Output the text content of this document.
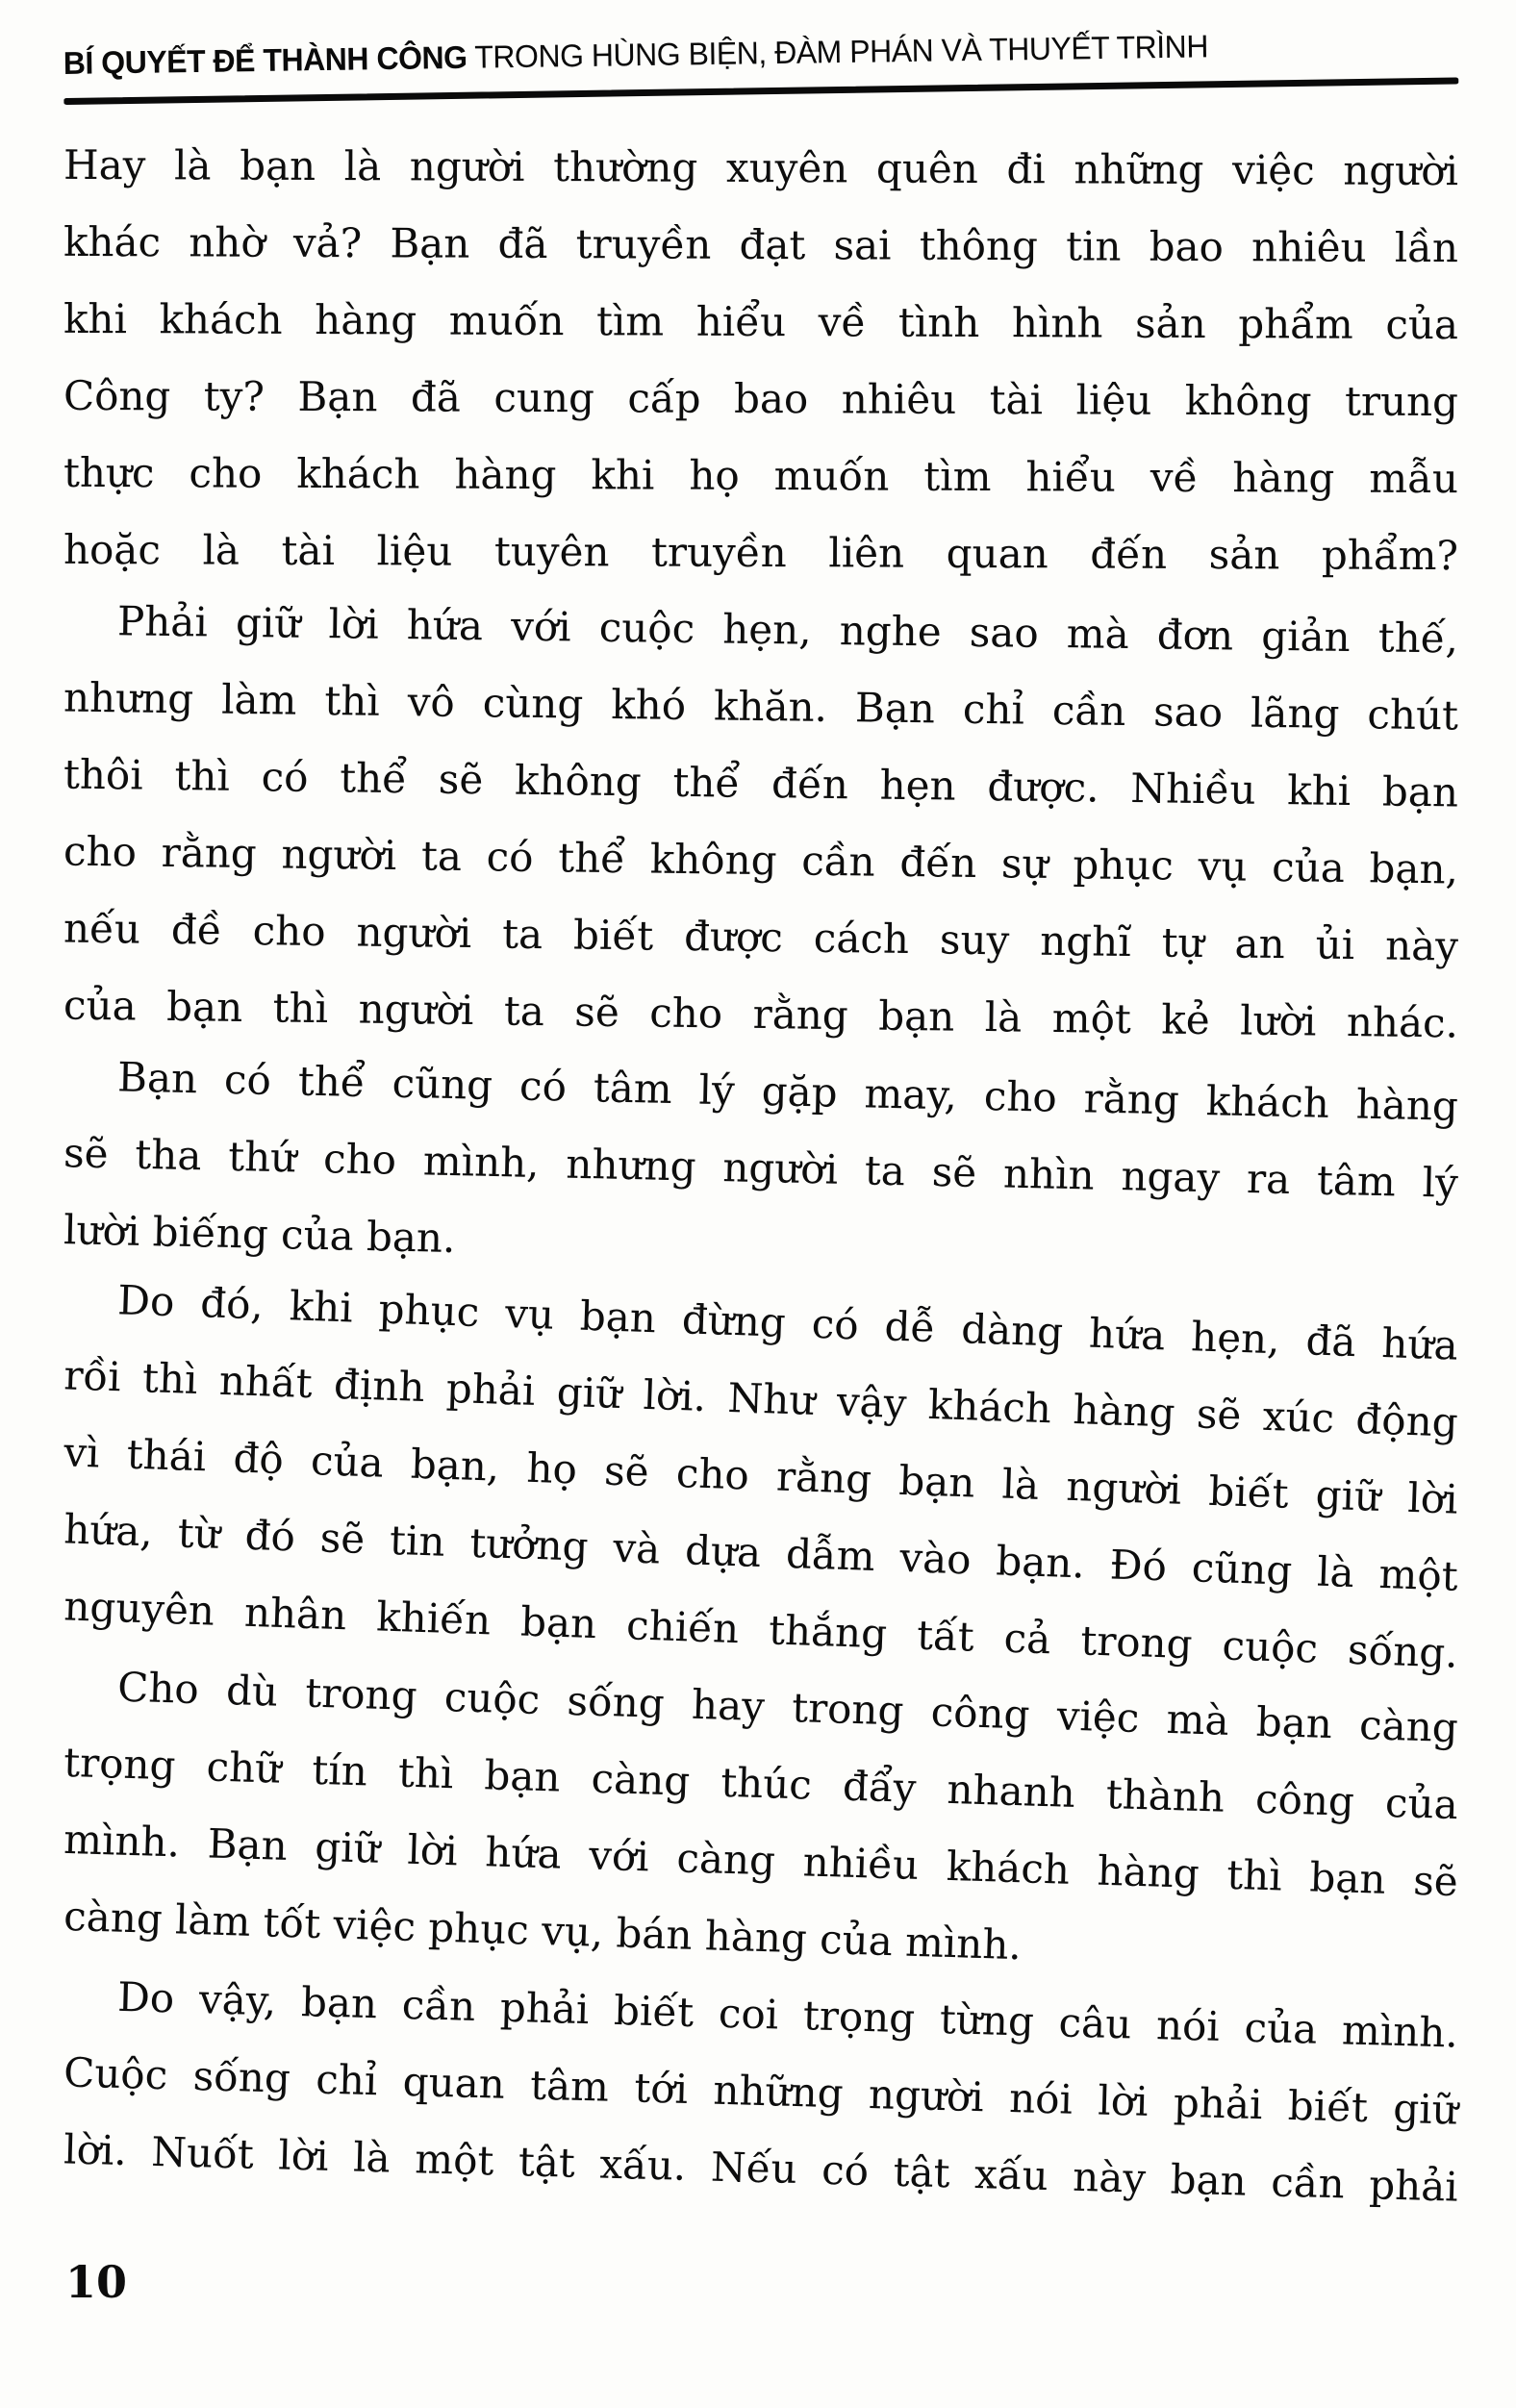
BÍ QUYẾT ĐỂ THÀNH CÔNG TRONG HÙNG BIỆN, ĐÀM PHÁN VÀ THUYẾT TRÌNH
Hay là bạn là người thường xuyên quên đi những việc người
khác nhờ vả? Bạn đã truyền đạt sai thông tin bao nhiêu lần
khi khách hàng muốn tìm hiểu về tình hình sản phẩm của
Công ty? Bạn đã cung cấp bao nhiêu tài liệu không trung
thực cho khách hàng khi họ muốn tìm hiểu về hàng mẫu
hoặc là tài liệu tuyên truyền liên quan đến sản phẩm?
Phải giữ lời hứa với cuộc hẹn, nghe sao mà đơn giản thế,
nhưng làm thì vô cùng khó khăn. Bạn chỉ cần sao lãng chút
thôi thì có thể sẽ không thể đến hẹn được. Nhiều khi bạn
cho rằng người ta có thể không cần đến sự phục vụ của bạn,
nếu đề cho người ta biết được cách suy nghĩ tự an ủi này
của bạn thì người ta sẽ cho rằng bạn là một kẻ lười nhác.
Bạn có thể cũng có tâm lý gặp may, cho rằng khách hàng
sẽ tha thứ cho mình, nhưng người ta sẽ nhìn ngay ra tâm lý
lười biếng của bạn.
Do đó, khi phục vụ bạn đừng có dễ dàng hứa hẹn, đã hứa
rồi thì nhất định phải giữ lời. Như vậy khách hàng sẽ xúc động
vì thái độ của bạn, họ sẽ cho rằng bạn là người biết giữ lời
hứa, từ đó sẽ tin tưởng và dựa dẫm vào bạn. Đó cũng là một
nguyên nhân khiến bạn chiến thắng tất cả trong cuộc sống.
Cho dù trong cuộc sống hay trong công việc mà bạn càng
trọng chữ tín thì bạn càng thúc đẩy nhanh thành công của
mình. Bạn giữ lời hứa với càng nhiều khách hàng thì bạn sẽ
càng làm tốt việc phục vụ, bán hàng của mình.
Do vậy, bạn cần phải biết coi trọng từng câu nói của mình.
Cuộc sống chỉ quan tâm tới những người nói lời phải biết giữ
lời. Nuốt lời là một tật xấu. Nếu có tật xấu này bạn cần phải
10
